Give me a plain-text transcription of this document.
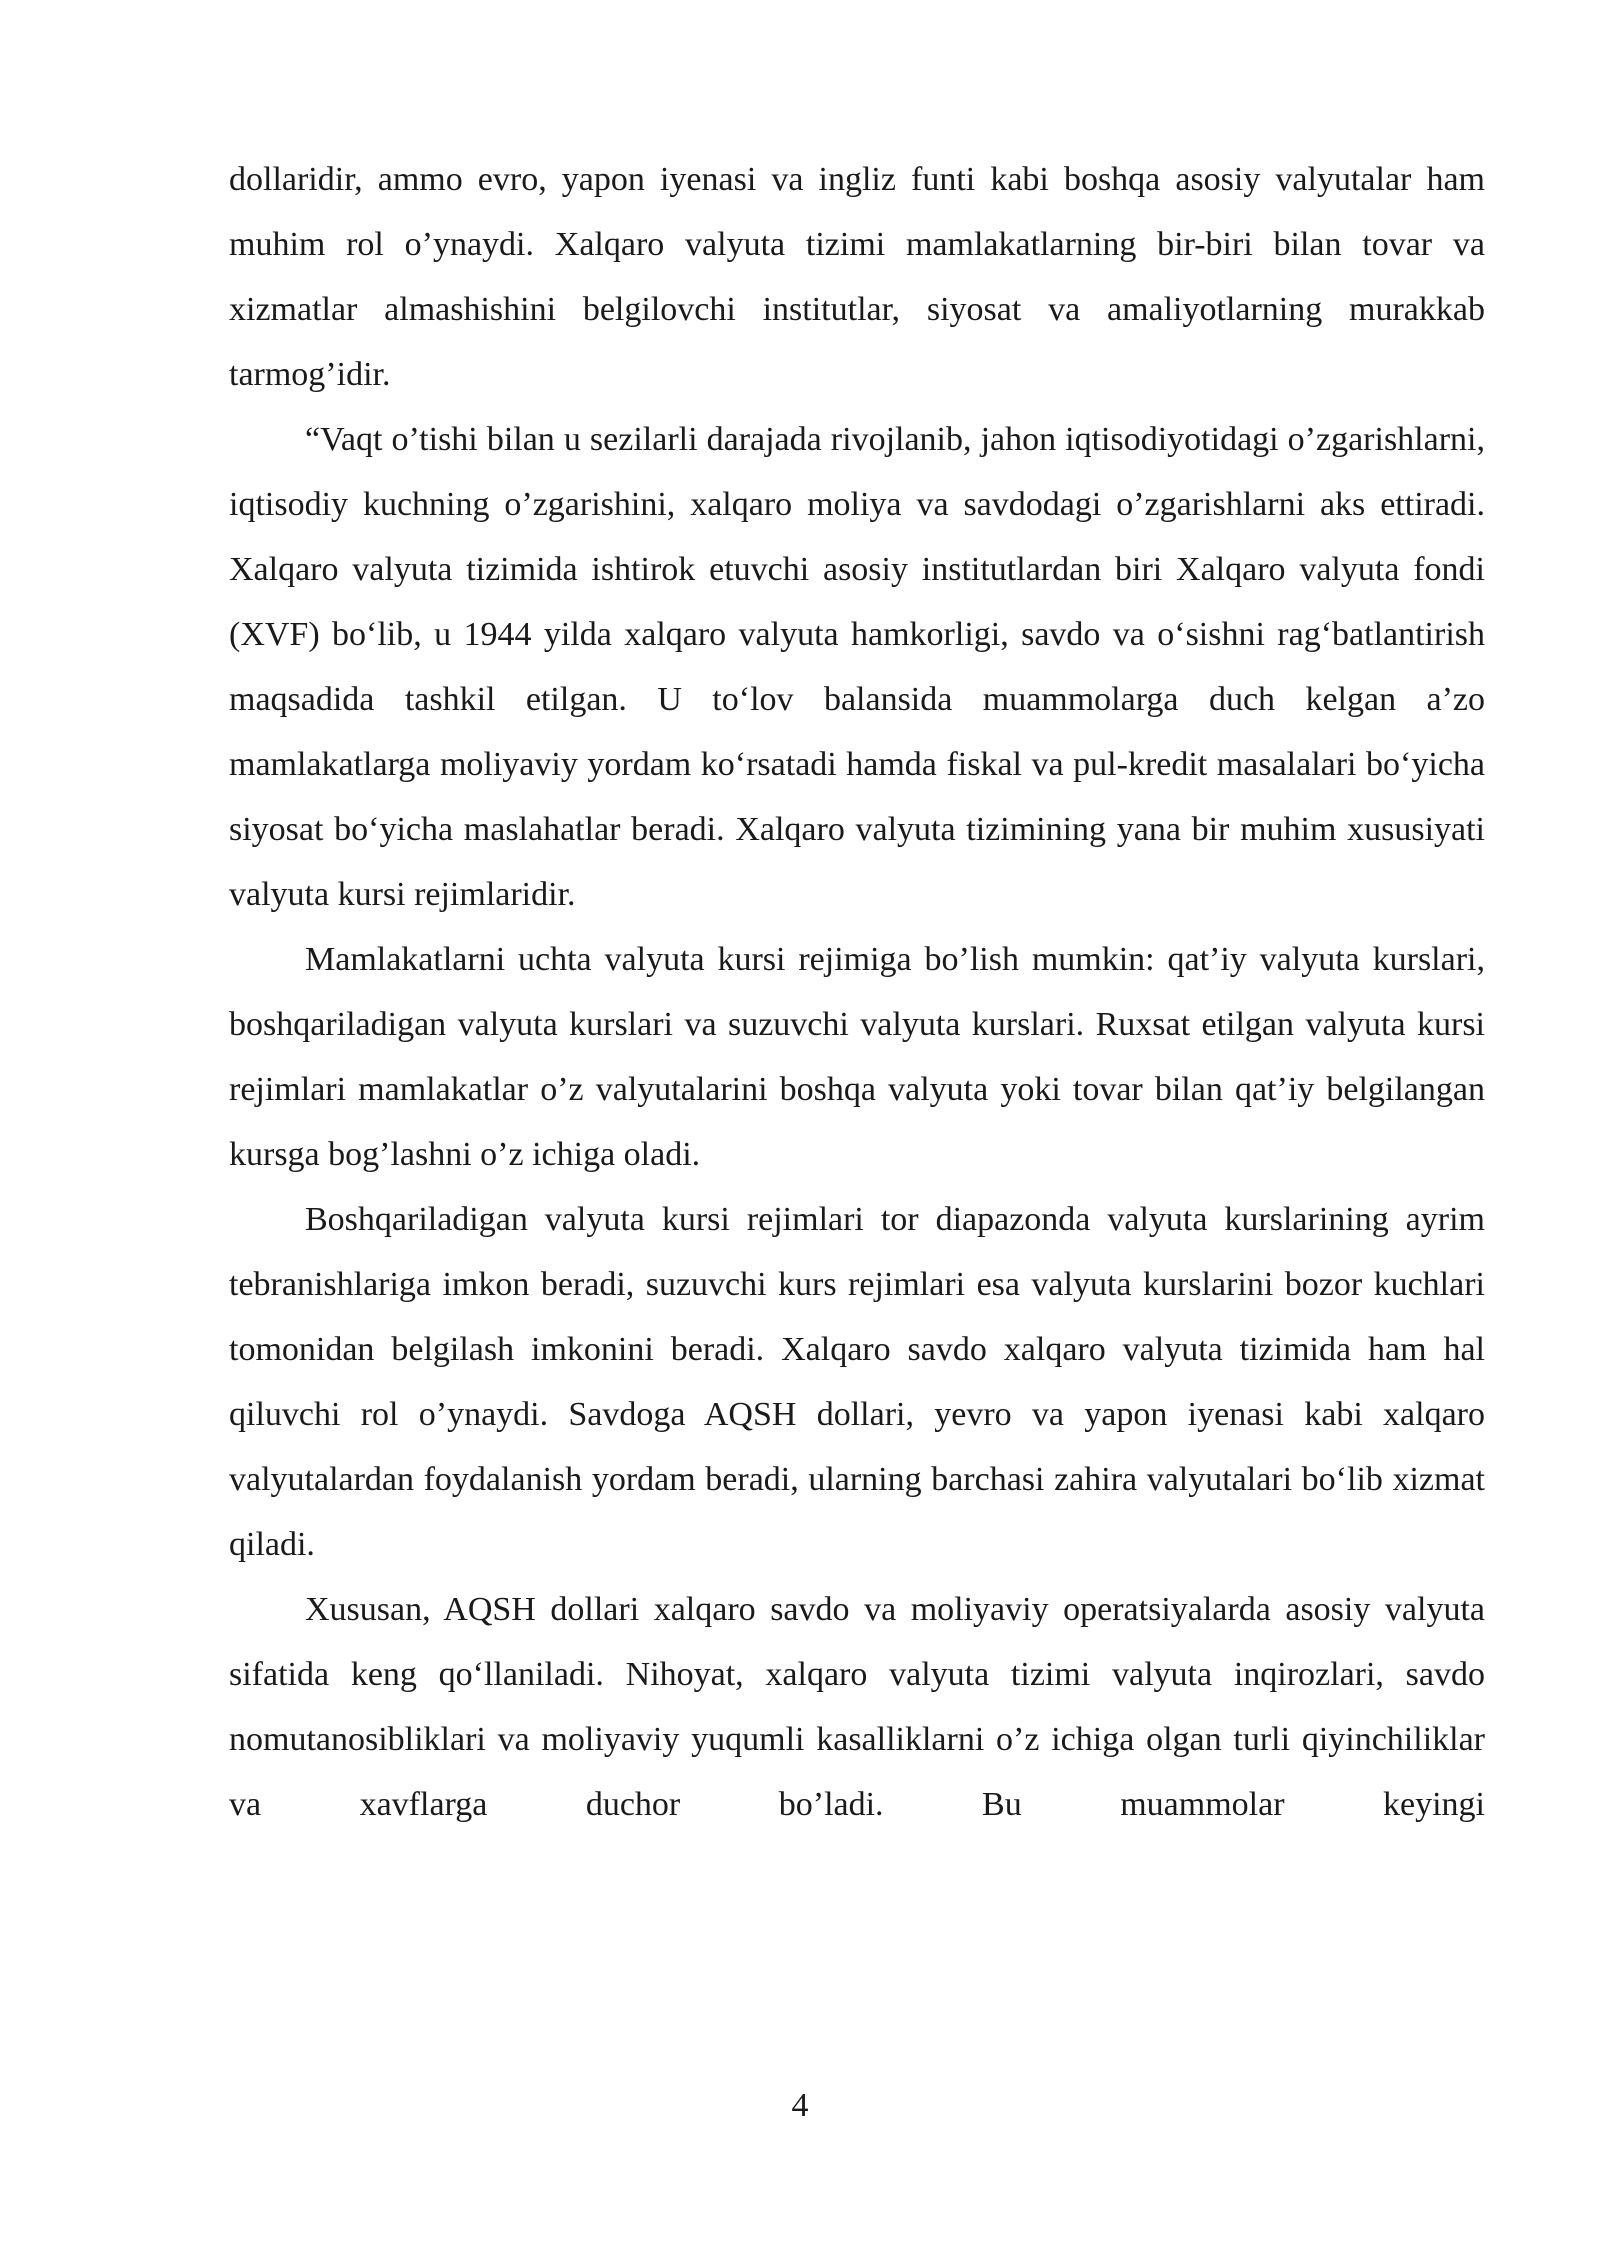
dollaridir, ammo evro, yapon iyenasi va ingliz funti kabi boshqa asosiy valyutalar ham muhim rol o’ynaydi. Xalqaro valyuta tizimi mamlakatlarning bir-biri bilan tovar va xizmatlar almashishini belgilovchi institutlar, siyosat va amaliyotlarning murakkab tarmog’idir.

“Vaqt o’tishi bilan u sezilarli darajada rivojlanib, jahon iqtisodiyotidagi o’zgarishlarni, iqtisodiy kuchning o’zgarishini, xalqaro moliya va savdodagi o’zgarishlarni aks ettiradi. Xalqaro valyuta tizimida ishtirok etuvchi asosiy institutlardan biri Xalqaro valyuta fondi (XVF) bo‘lib, u 1944 yilda xalqaro valyuta hamkorligi, savdo va o‘sishni rag‘batlantirish maqsadida tashkil etilgan. U to‘lov balansida muammolarga duch kelgan a’zo mamlakatlarga moliyaviy yordam ko‘rsatadi hamda fiskal va pul-kredit masalalari bo‘yicha siyosat bo‘yicha maslahatlar beradi. Xalqaro valyuta tizimining yana bir muhim xususiyati valyuta kursi rejimlaridir.

Mamlakatlarni uchta valyuta kursi rejimiga bo’lish mumkin: qat’iy valyuta kurslari, boshqariladigan valyuta kurslari va suzuvchi valyuta kurslari. Ruxsat etilgan valyuta kursi rejimlari mamlakatlar o’z valyutalarini boshqa valyuta yoki tovar bilan qat’iy belgilangan kursga bog’lashni o’z ichiga oladi.

Boshqariladigan valyuta kursi rejimlari tor diapazonda valyuta kurslarining ayrim tebranishlariga imkon beradi, suzuvchi kurs rejimlari esa valyuta kurslarini bozor kuchlari tomonidan belgilash imkonini beradi. Xalqaro savdo xalqaro valyuta tizimida ham hal qiluvchi rol o’ynaydi. Savdoga AQSH dollari, yevro va yapon iyenasi kabi xalqaro valyutalardan foydalanish yordam beradi, ularning barchasi zahira valyutalari bo‘lib xizmat qiladi.

Xususan, AQSH dollari xalqaro savdo va moliyaviy operatsiyalarda asosiy valyuta sifatida keng qo‘llaniladi. Nihoyat, xalqaro valyuta tizimi valyuta inqirozlari, savdo nomutanosibliklari va moliyaviy yuqumli kasalliklarni o’z ichiga olgan turli qiyinchiliklar va xavflarga duchor bo’ladi. Bu muammolar keyingi

4
